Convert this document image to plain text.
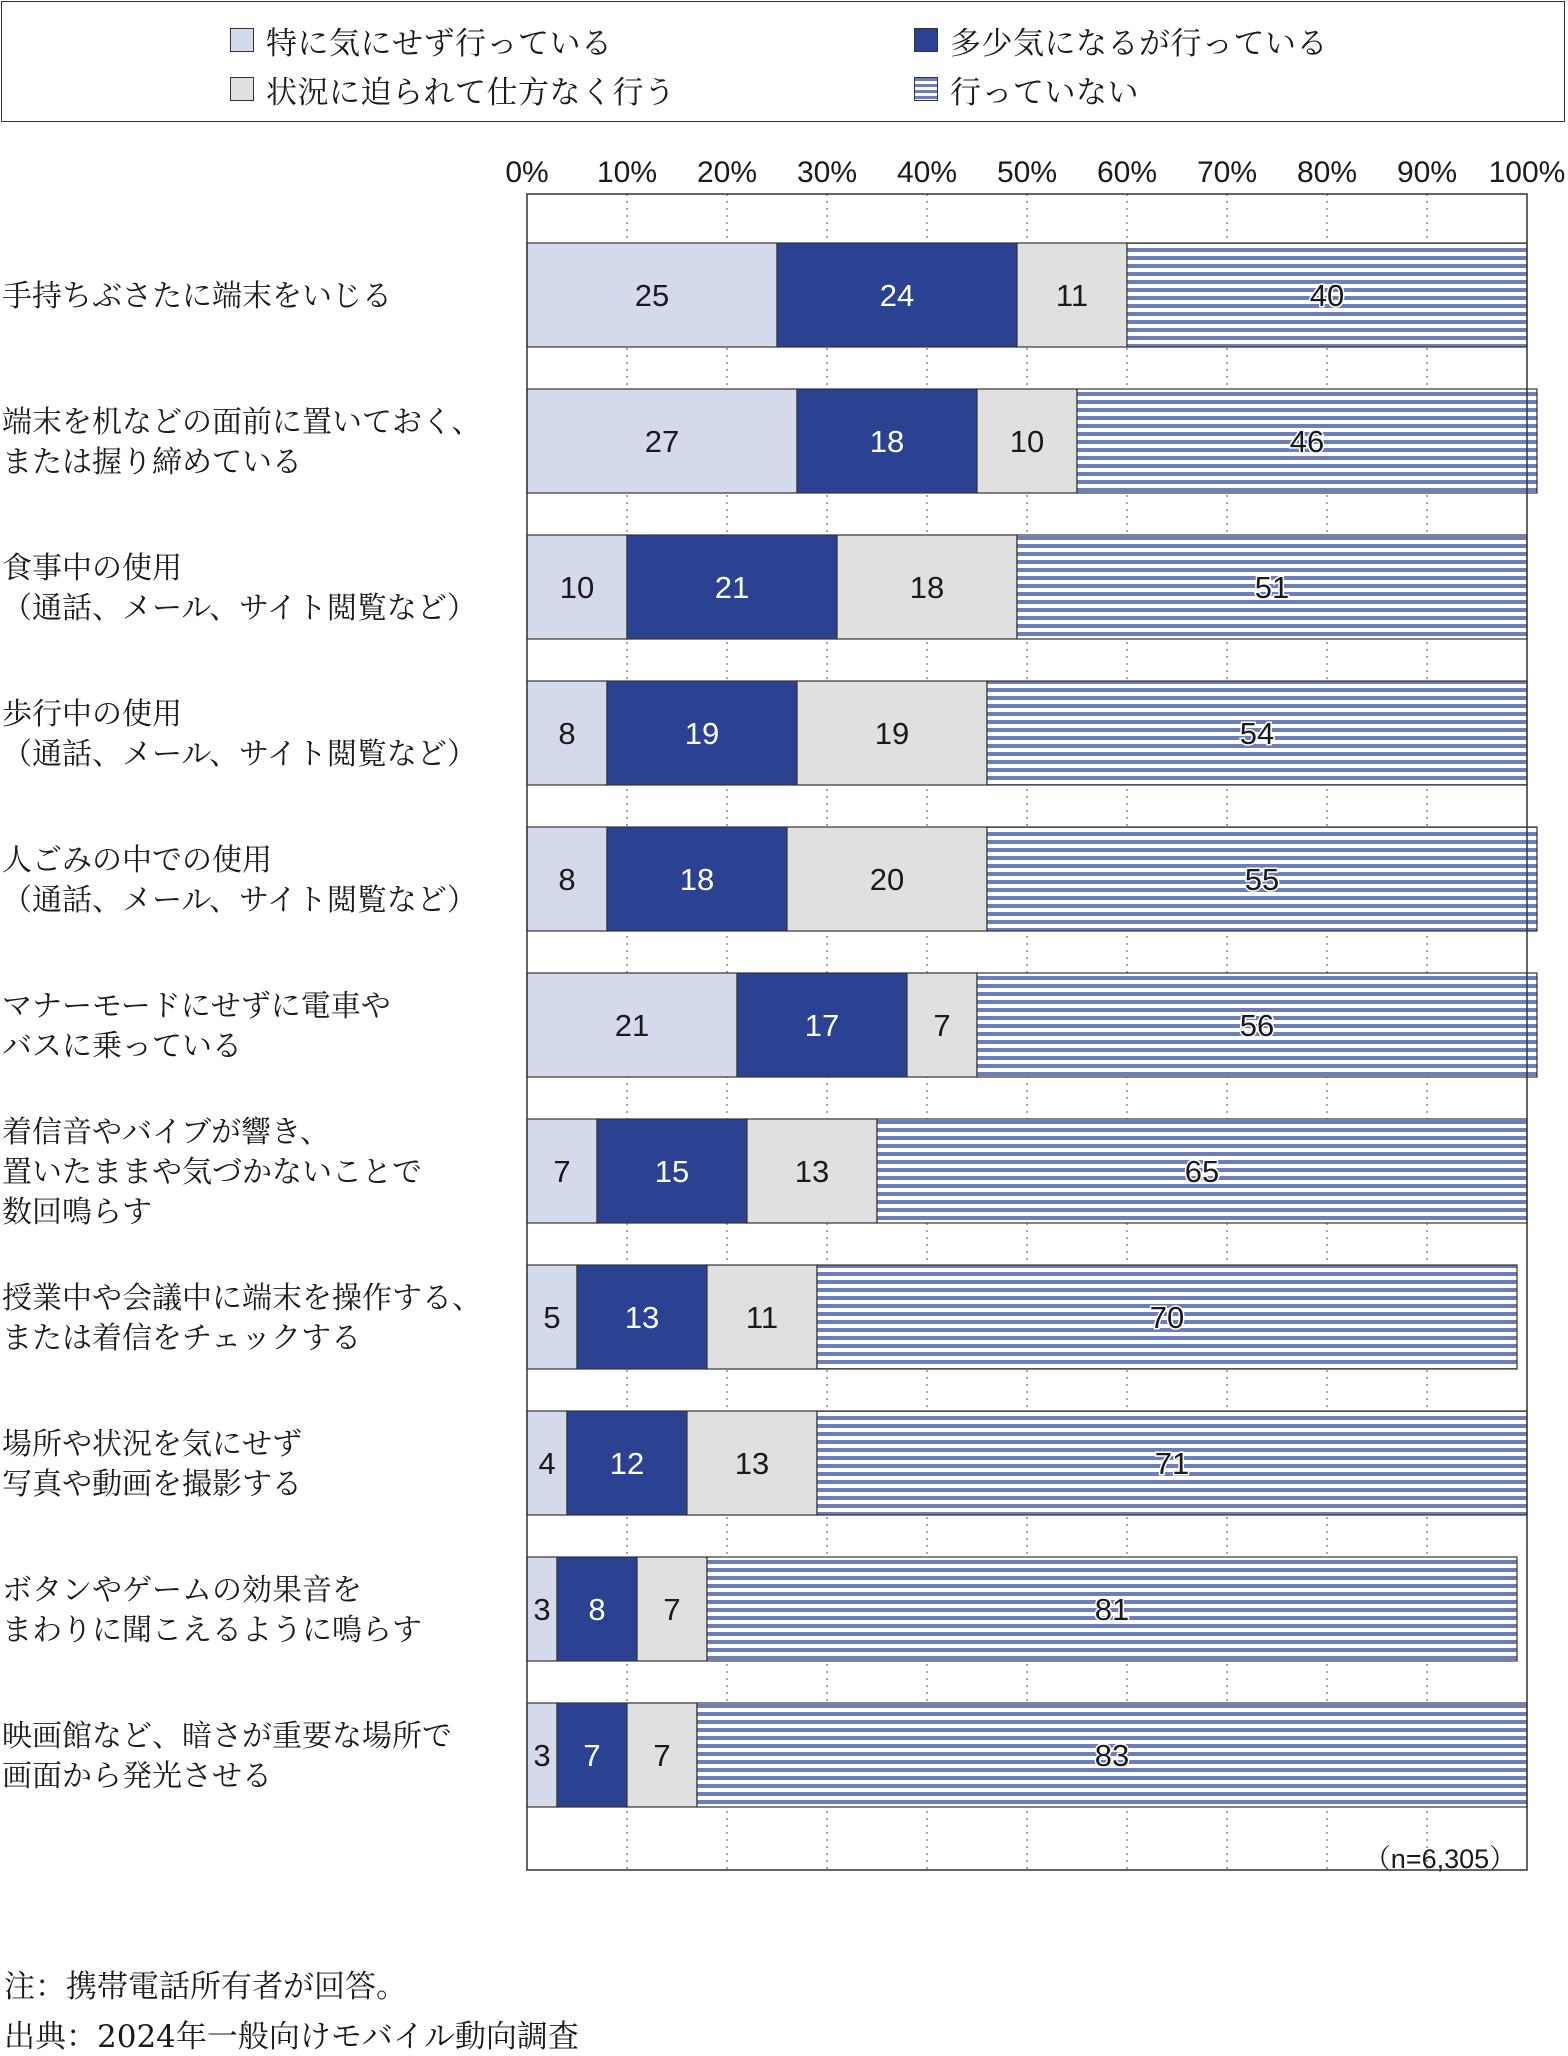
特に気にせず行っている	多少気になるが行っている
状況に迫られて仕方なく行う	行っていない
0% 10% 20% 30% 40% 50% 60% 70% 80% 90% 100%
25	24	11	40
手持ちぶさたに端末をいじる
27	18	10	46
端末を机などの面前に置いておく、または握り締めている
10	21	18	51
食事中の使用（通話、メール、サイト閲覧など）
8	19	19	54
歩行中の使用（通話、メール、サイト閲覧など）
8	18	20	55
人ごみの中での使用（通話、メール、サイト閲覧など）
21	17	7	56
マナーモードにせずに電車やバスに乗っている
7	15	13	65
着信音やバイブが響き、置いたままや気づかないことで数回鳴らす
5 13	11	70
授業中や会議中に端末を操作する、または着信をチェックする
4 12	13	71
場所や状況を気にせず写真や動画を撮影する
3 8 7	81
ボタンやゲームの効果音をまわりに聞こえるように鳴らす
3 7 7	83
映画館など、暗さが重要な場所で画面から発光させる
（n=6,305）
注：携帯電話所有者が回答。
出典：2024年一般向けモバイル動向調査
